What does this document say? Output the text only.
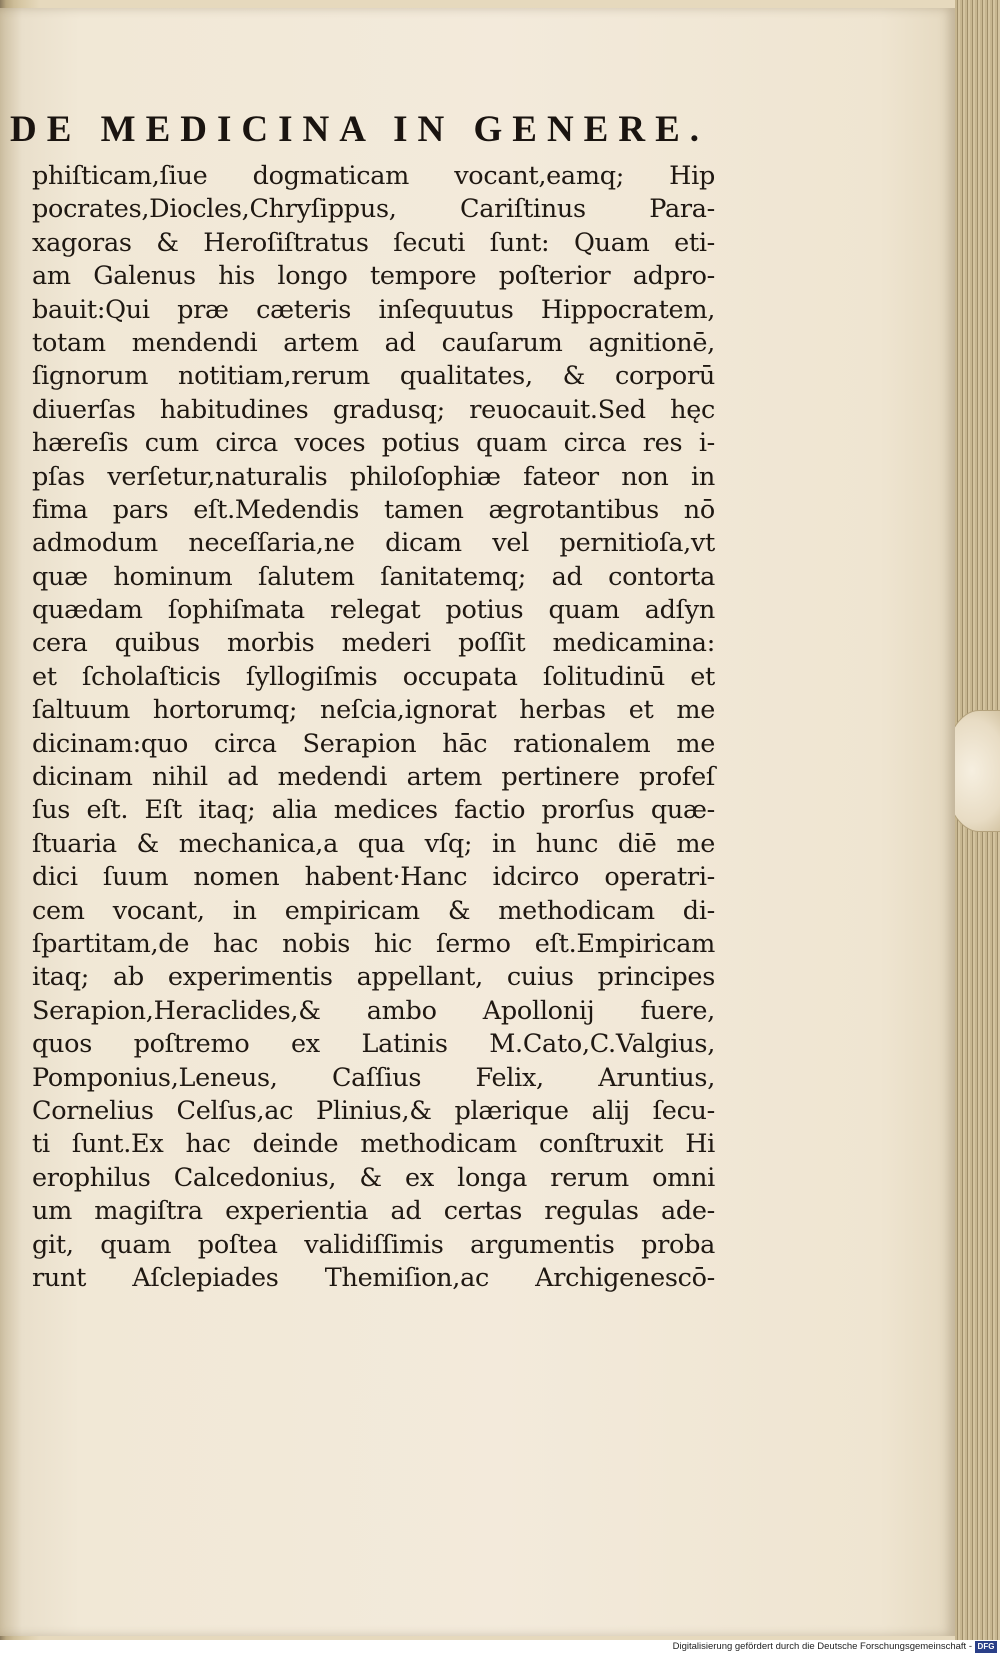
DE MEDICINA IN GENERE.
phiſticam,ſiue dogmaticam vocant,eamq; Hip
pocrates,Diocles,Chryſippus, Cariſtinus Para-
xagoras & Heroſiſtratus ſecuti ſunt: Quam eti-
am Galenus his longo tempore poſterior adpro-
bauit:Qui præ cæteris inſequutus Hippocratem,
totam mendendi artem ad cauſarum agnitionē,
ſignorum notitiam,rerum qualitates, & corporū
diuerſas habitudines gradusq; reuocauit.Sed hęc
hæreſis cum circa voces potius quam circa res i-
pſas verſetur,naturalis philoſophiæ fateor non in
fima pars eſt.Medendis tamen ægrotantibus nō
admodum neceſſaria,ne dicam vel pernitioſa,vt
quæ hominum ſalutem ſanitatemq; ad contorta
quædam ſophiſmata relegat potius quam adſyn
cera quibus morbis mederi poſſit medicamina:
et ſcholaſticis ſyllogiſmis occupata ſolitudinū et
ſaltuum hortorumq; neſcia,ignorat herbas et me
dicinam:quo circa Serapion hāc rationalem me
dicinam nihil ad medendi artem pertinere profeſ
ſus eſt. Eſt itaq; alia medices factio prorſus quæ-
ſtuaria & mechanica,a qua vſq; in hunc diē me
dici ſuum nomen habent·Hanc idcirco operatri-
cem vocant, in empiricam & methodicam di-
ſpartitam,de hac nobis hic ſermo eſt.Empiricam
itaq; ab experimentis appellant, cuius principes
Serapion,Heraclides,& ambo Apollonij fuere,
quos poſtremo ex Latinis M.Cato,C.Valgius,
Pomponius,Leneus, Caſſius Felix, Aruntius,
Cornelius Celſus,ac Plinius,& plærique alij ſecu-
ti ſunt.Ex hac deinde methodicam conſtruxit Hi
erophilus Calcedonius, & ex longa rerum omni
um magiſtra experientia ad certas regulas ade-
git, quam poſtea validiſſimis argumentis proba
runt Aſclepiades Themiſion,ac Archigenescō-
Digitalisierung gefördert durch die Deutsche Forschungsgemeinschaft - DFG
